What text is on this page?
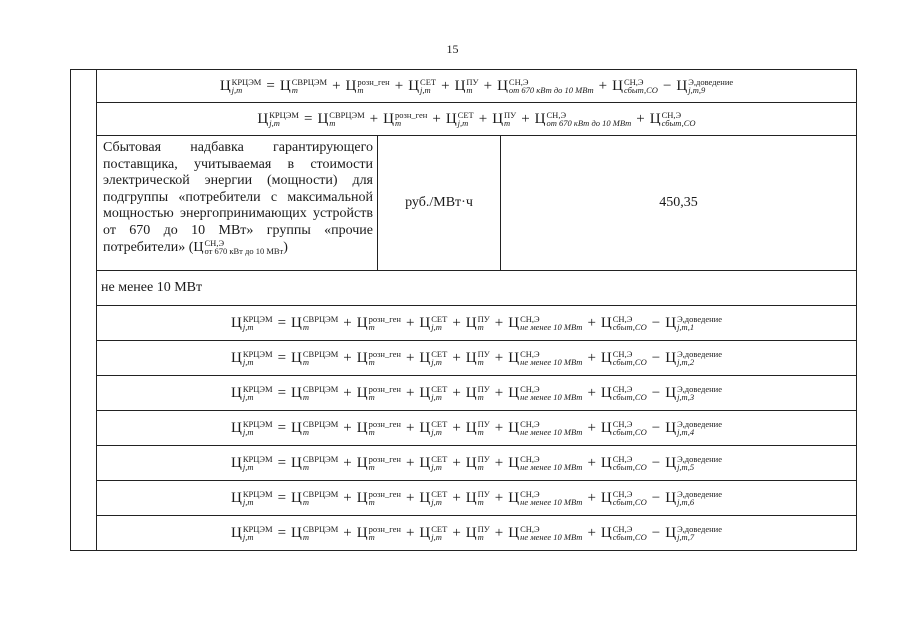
15
Ц КРЦЭМ
j,m	= Ц СВРЦЭМ
m	+ Ц розн_ген
m	+ Ц СЕТ
j,m + Ц ПУ
m + Ц СН,Э
от 670 кВт до 10 МВт + Ц СН,Э
сбыт,СО − Ц Э,доведение
j,m,9
Ц КРЦЭМ
j,m	= Ц СВРЦЭМ
m	+ Ц розн_ген
m	+ Ц СЕТ
j,m + Ц ПУ
m + Ц СН,Э
от 670 кВт до 10 МВт + Ц СН,Э
сбыт,СО
Сбытовая надбавка гарантирующего поставщика, учитываемая в стоимости электрической энергии (мощности) для подгруппы «потребители с максимальной мощностью энергопринимающих устройств от 670 до 10 МВт» группы «прочие потребители» (Ц СН,Э
от 670 кВт до 10 МВт )
руб./МВт·ч	450,35
не менее 10 МВт
Ц КРЦЭМ
j,m	= Ц СВРЦЭМ
m	+ Ц розн_ген
m	+ Ц СЕТ
j,m + Ц ПУ
m + Ц СН,Э
не менее 10 МВт + Ц СН,Э
сбыт,СО − Ц Э,доведение
j,m,1
Ц КРЦЭМ
j,m	= Ц СВРЦЭМ
m	+ Ц розн_ген
m	+ Ц СЕТ
j,m + Ц ПУ
m + Ц СН,Э
не менее 10 МВт + Ц СН,Э
сбыт,СО − Ц Э,доведение
j,m,2
Ц КРЦЭМ
j,m	= Ц СВРЦЭМ
m	+ Ц розн_ген
m	+ Ц СЕТ
j,m + Ц ПУ
m + Ц СН,Э
не менее 10 МВт + Ц СН,Э
сбыт,СО − Ц Э,доведение
j,m,3
Ц КРЦЭМ
j,m	= Ц СВРЦЭМ
m	+ Ц розн_ген
m	+ Ц СЕТ
j,m + Ц ПУ
m + Ц СН,Э
не менее 10 МВт + Ц СН,Э
сбыт,СО − Ц Э,доведение
j,m,4
Ц КРЦЭМ
j,m	= Ц СВРЦЭМ
m	+ Ц розн_ген
m	+ Ц СЕТ
j,m + Ц ПУ
m + Ц СН,Э
не менее 10 МВт + Ц СН,Э
сбыт,СО − Ц Э,доведение
j,m,5
Ц КРЦЭМ
j,m	= Ц СВРЦЭМ
m	+ Ц розн_ген
m	+ Ц СЕТ
j,m + Ц ПУ
m + Ц СН,Э
не менее 10 МВт + Ц СН,Э
сбыт,СО − Ц Э,доведение
j,m,6
Ц КРЦЭМ
j,m	= Ц СВРЦЭМ
m	+ Ц розн_ген
m	+ Ц СЕТ
j,m + Ц ПУ
m + Ц СН,Э
не менее 10 МВт + Ц СН,Э
сбыт,СО − Ц Э,доведение
j,m,7
